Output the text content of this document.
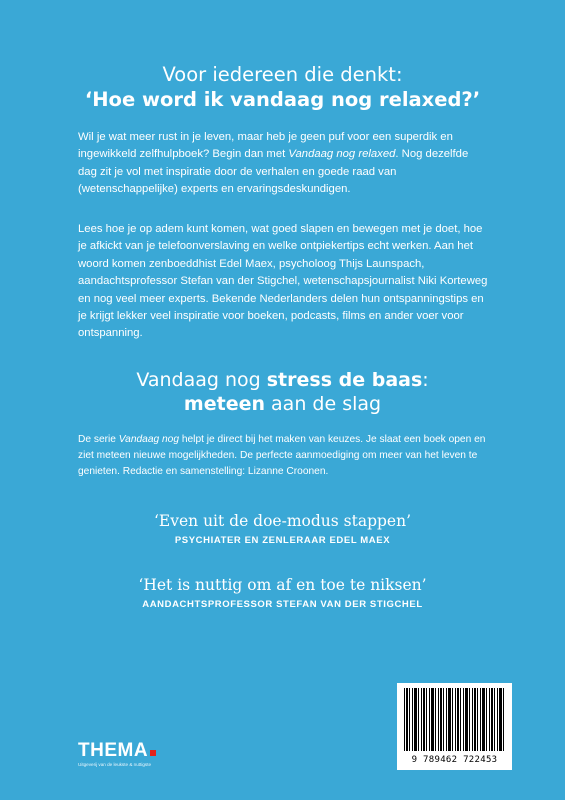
Voor iedereen die denkt:
‘Hoe word ik vandaag nog relaxed?’

Wil je wat meer rust in je leven, maar heb je geen puf voor een superdik en ingewikkeld zelfhulpboek? Begin dan met Vandaag nog relaxed. Nog dezelfde dag zit je vol met inspiratie door de verhalen en goede raad van (wetenschappelijke) experts en ervaringsdeskundigen.

Lees hoe je op adem kunt komen, wat goed slapen en bewegen met je doet, hoe je afkickt van je telefoonverslaving en welke ontpiekertips echt werken. Aan het woord komen zenboeddhist Edel Maex, psycholoog Thijs Launspach, aandachtsprofessor Stefan van der Stigchel, wetenschapsjournalist Niki Korteweg en nog veel meer experts. Bekende Nederlanders delen hun ontspanningstips en je krijgt lekker veel inspiratie voor boeken, podcasts, films en ander voer voor ontspanning.

Vandaag nog stress de baas:
meteen aan de slag

De serie Vandaag nog helpt je direct bij het maken van keuzes. Je slaat een boek open en ziet meteen nieuwe mogelijkheden. De perfecte aanmoediging om meer van het leven te genieten. Redactie en samenstelling: Lizanne Croonen.

‘Even uit de doe-modus stappen’
PSYCHIATER EN ZENLERAAR EDEL MAEX
‘Het is nuttig om af en toe te niksen’
AANDACHTSPROFESSOR STEFAN VAN DER STIGCHEL
THEMA
Uitgeverij van de leukste & nuttigste	9 789462 722453
